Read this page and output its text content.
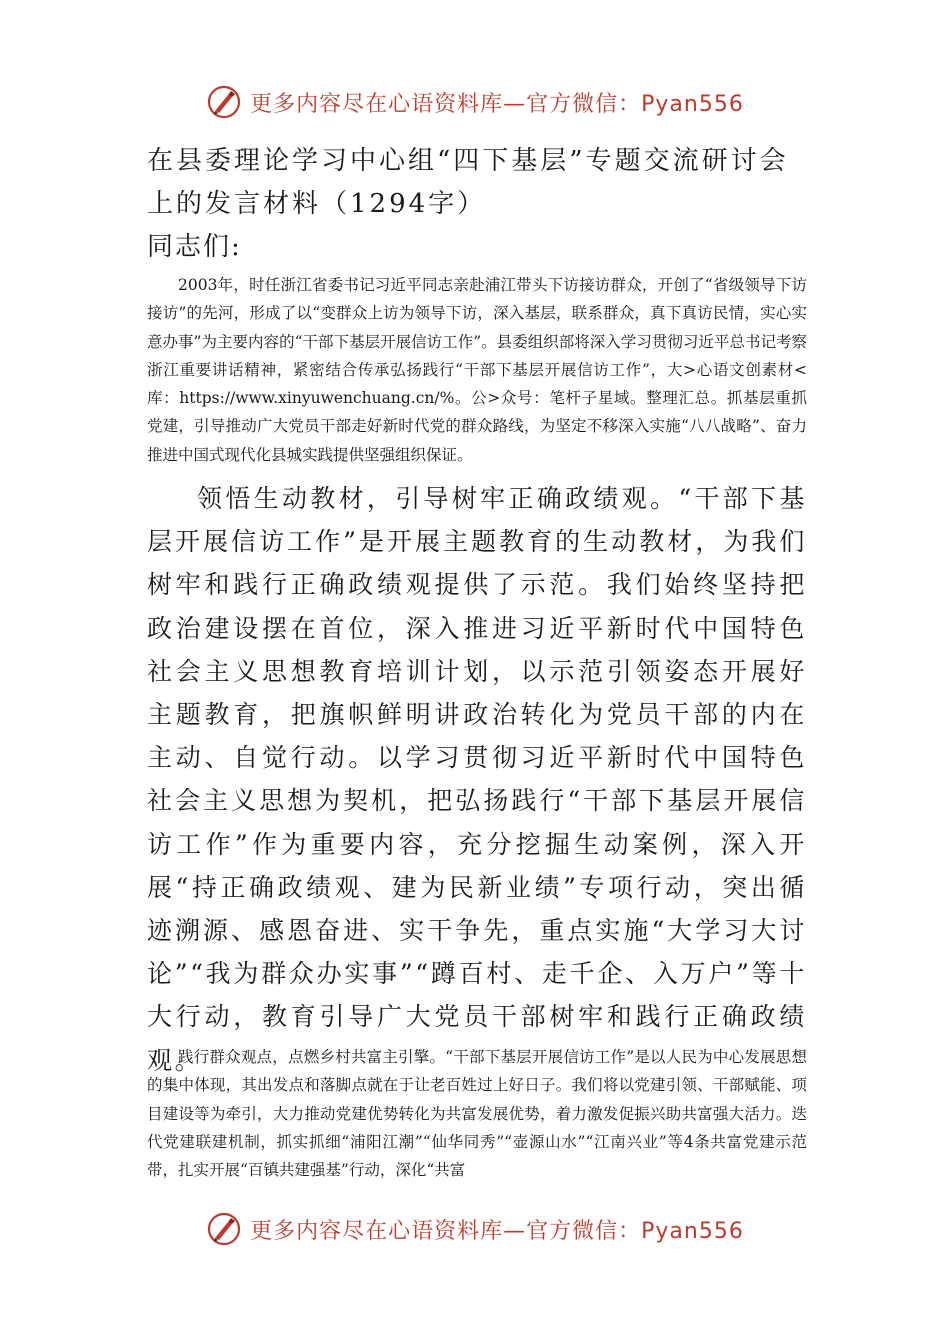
更多内容尽在心语资料库—官方微信：Pyan556
在县委理论学习中心组“四下基层”专题交流研讨会上的发言材料（1294字）
同志们:

2003年，时任浙江省委书记习近平同志亲赴浦江带头下访接访群众，开创了“省级领导下访接访”的先河，形成了以“变群众上访为领导下访，深入基层，联系群众，真下真访民情，实心实意办事”为主要内容的“干部下基层开展信访工作”。县委组织部将深入学习贯彻习近平总书记考察浙江重要讲话精神，紧密结合传承弘扬践行“干部下基层开展信访工作”，大>心语文创素材<库：https://www.xinyuwenchuang.cn/%。公>众号：笔杆子星域。整理汇总。抓基层重抓党建，引导推动广大党员干部走好新时代党的群众路线，为坚定不移深入实施“八八战略”、奋力推进中国式现代化县城实践提供坚强组织保证。

领悟生动教材，引导树牢正确政绩观。“干部下基层开展信访工作”是开展主题教育的生动教材，为我们树牢和践行正确政绩观提供了示范。我们始终坚持把政治建设摆在首位，深入推进习近平新时代中国特色社会主义思想教育培训计划，以示范引领姿态开展好主题教育，把旗帜鲜明讲政治转化为党员干部的内在主动、自觉行动。以学习贯彻习近平新时代中国特色社会主义思想为契机，把弘扬践行“干部下基层开展信访工作”作为重要内容，充分挖掘生动案例，深入开展“持正确政绩观、建为民新业绩”专项行动，突出循迹溯源、感恩奋进、实干争先，重点实施“大学习大讨论”“我为群众办实事”“蹲百村、走千企、入万户”等十大行动，教育引导广大党员干部树牢和践行正确政绩观。

践行群众观点，点燃乡村共富主引擎。“干部下基层开展信访工作”是以人民为中心发展思想的集中体现，其出发点和落脚点就在于让老百姓过上好日子。我们将以党建引领、干部赋能、项目建设等为牵引，大力推动党建优势转化为共富发展优势，着力激发促振兴助共富强大活力。迭代党建联建机制，抓实抓细“浦阳江潮”“仙华同秀”“壶源山水”“江南兴业”等4条共富党建示范带，扎实开展“百镇共建强基”行动，深化“共富

更多内容尽在心语资料库—官方微信：Pyan556
